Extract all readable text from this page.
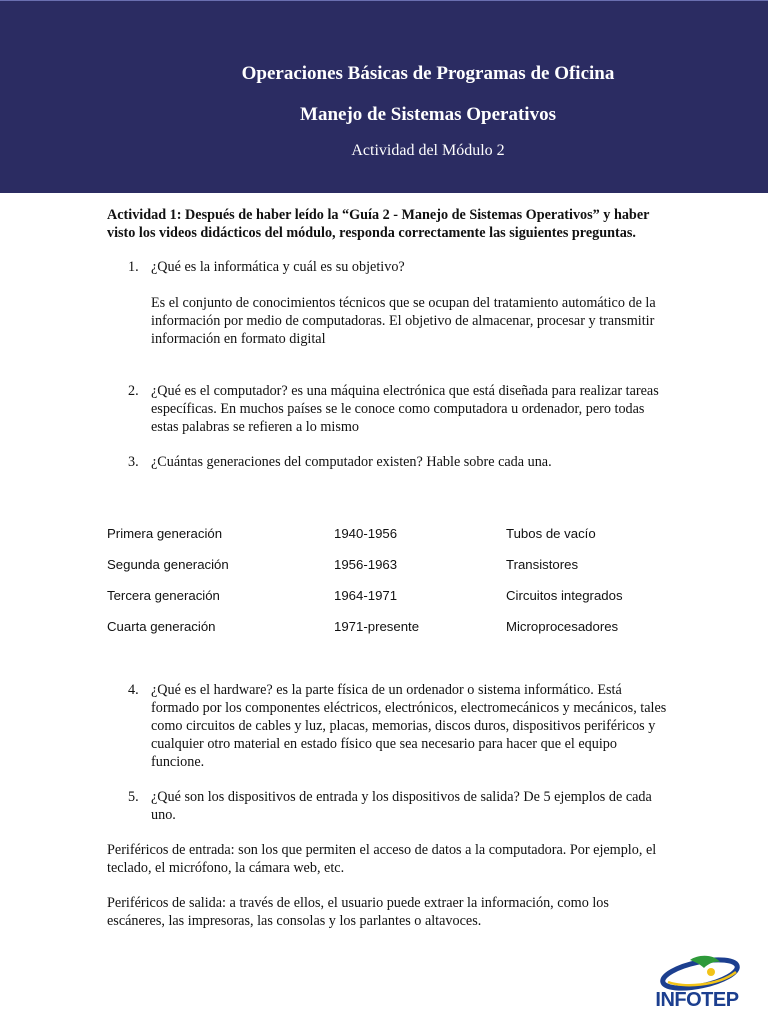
Operaciones Básicas de Programas de Oficina
Manejo de Sistemas Operativos
Actividad del Módulo 2

Actividad 1: Después de haber leído la “Guía 2 - Manejo de Sistemas Operativos” y haber visto los videos didácticos del módulo, responda correctamente las siguientes preguntas.

1. ¿Qué es la informática y cuál es su objetivo?

Es el conjunto de conocimientos técnicos que se ocupan del tratamiento automático de la información por medio de computadoras. El objetivo de almacenar, procesar y transmitir información en formato digital

2. ¿Qué es el computador? es una máquina electrónica que está diseñada para realizar tareas específicas. En muchos países se le conoce como computadora u ordenador, pero todas estas palabras se refieren a lo mismo
3. ¿Cuántas generaciones del computador existen? Hable sobre cada una.
Primera generación	1940-1956	Tubos de vacío
Segunda generación	1956-1963	Transistores
Tercera generación	1964-1971	Circuitos integrados
Cuarta generación	1971-presente	Microprocesadores
4. ¿Qué es el hardware? es la parte física de un ordenador o sistema informático. Está formado por los componentes eléctricos, electrónicos, electromecánicos y mecánicos, tales como circuitos de cables y luz, placas, memorias, discos duros, dispositivos periféricos y cualquier otro material en estado físico que sea necesario para hacer que el equipo funcione.
5. ¿Qué son los dispositivos de entrada y los dispositivos de salida? De 5 ejemplos de cada uno.

Periféricos de entrada: son los que permiten el acceso de datos a la computadora. Por ejemplo, el teclado, el micrófono, la cámara web, etc.

Periféricos de salida: a través de ellos, el usuario puede extraer la información, como los escáneres, las impresoras, las consolas y los parlantes o altavoces.

INFOTEP
